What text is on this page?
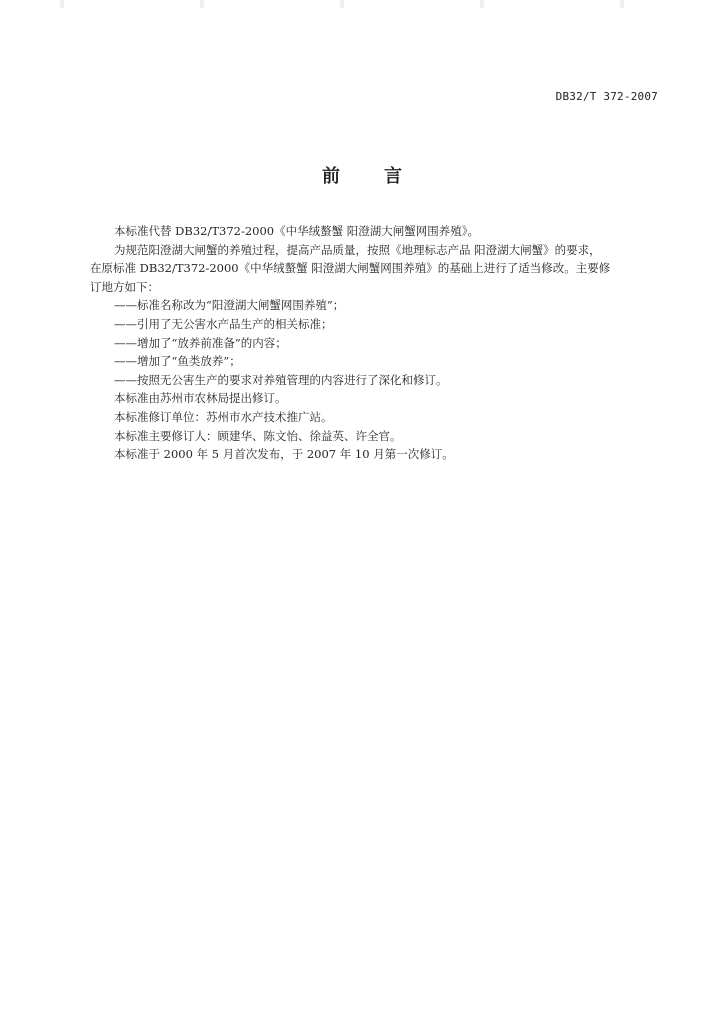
DB32/T 372-2007
前 言

本标准代替 DB32/T372-2000《中华绒螯蟹 阳澄湖大闸蟹网围养殖》。

为规范阳澄湖大闸蟹的养殖过程，提高产品质量，按照《地理标志产品 阳澄湖大闸蟹》的要求，

在原标准 DB32/T372-2000《中华绒螯蟹 阳澄湖大闸蟹网围养殖》的基础上进行了适当修改。主要修

订地方如下：

——标准名称改为“阳澄湖大闸蟹网围养殖”；

——引用了无公害水产品生产的相关标准；

——增加了“放养前准备”的内容；

——增加了“鱼类放养”；

——按照无公害生产的要求对养殖管理的内容进行了深化和修订。

本标准由苏州市农林局提出修订。

本标准修订单位：苏州市水产技术推广站。

本标准主要修订人：顾建华、陈文怡、徐益英、许全官。

本标准于 2000 年 5 月首次发布，于 2007 年 10 月第一次修订。
